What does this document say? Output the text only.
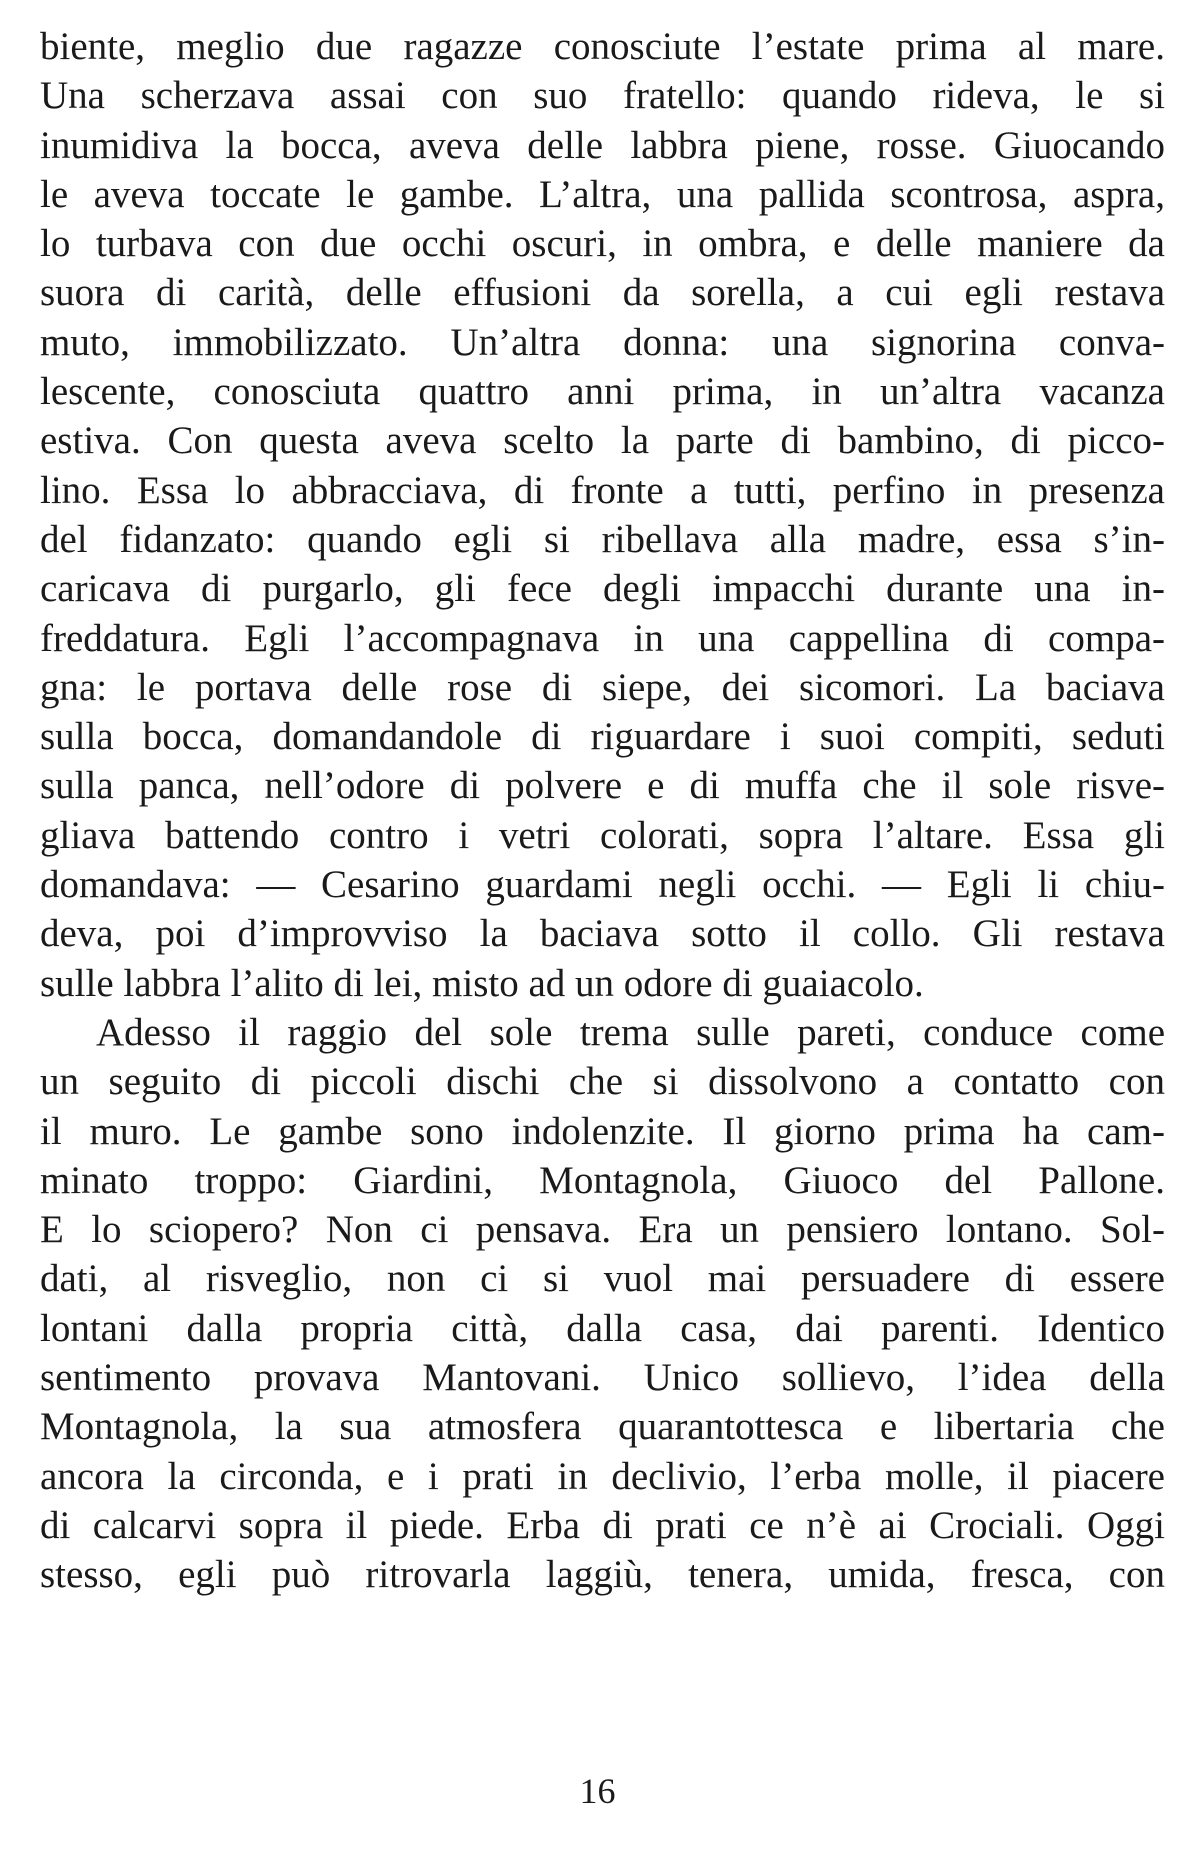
biente, meglio due ragazze conosciute l’estate prima al mare.
Una scherzava assai con suo fratello: quando rideva, le si
inumidiva la bocca, aveva delle labbra piene, rosse. Giuocando
le aveva toccate le gambe. L’altra, una pallida scontrosa, aspra,
lo turbava con due occhi oscuri, in ombra, e delle maniere da
suora di carità, delle effusioni da sorella, a cui egli restava
muto, immobilizzato. Un’altra donna: una signorina conva-
lescente, conosciuta quattro anni prima, in un’altra vacanza
estiva. Con questa aveva scelto la parte di bambino, di picco-
lino. Essa lo abbracciava, di fronte a tutti, perfino in presenza
del fidanzato: quando egli si ribellava alla madre, essa s’in-
caricava di purgarlo, gli fece degli impacchi durante una in-
freddatura. Egli l’accompagnava in una cappellina di compa-
gna: le portava delle rose di siepe, dei sicomori. La baciava
sulla bocca, domandandole di riguardare i suoi compiti, seduti
sulla panca, nell’odore di polvere e di muffa che il sole risve-
gliava battendo contro i vetri colorati, sopra l’altare. Essa gli
domandava: — Cesarino guardami negli occhi. — Egli li chiu-
deva, poi d’improvviso la baciava sotto il collo. Gli restava
sulle labbra l’alito di lei, misto ad un odore di guaiacolo.
Adesso il raggio del sole trema sulle pareti, conduce come
un seguito di piccoli dischi che si dissolvono a contatto con
il muro. Le gambe sono indolenzite. Il giorno prima ha cam-
minato troppo: Giardini, Montagnola, Giuoco del Pallone.
E lo sciopero? Non ci pensava. Era un pensiero lontano. Sol-
dati, al risveglio, non ci si vuol mai persuadere di essere
lontani dalla propria città, dalla casa, dai parenti. Identico
sentimento provava Mantovani. Unico sollievo, l’idea della
Montagnola, la sua atmosfera quarantottesca e libertaria che
ancora la circonda, e i prati in declivio, l’erba molle, il piacere
di calcarvi sopra il piede. Erba di prati ce n’è ai Crociali. Oggi
stesso, egli può ritrovarla laggiù, tenera, umida, fresca, con
16
